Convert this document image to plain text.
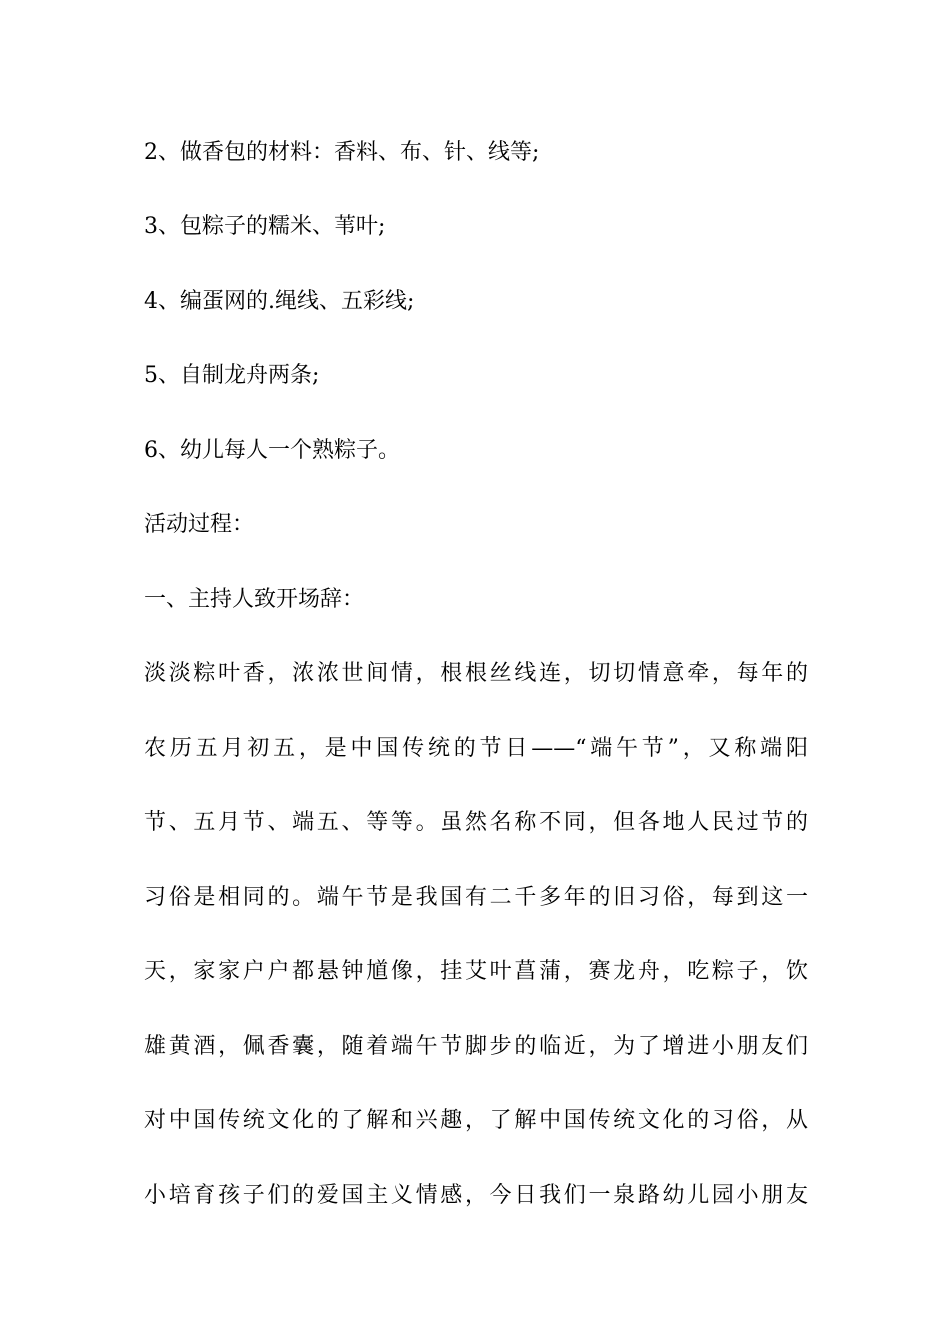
2、做香包的材料：香料、布、针、线等;
3、包粽子的糯米、苇叶;
4、编蛋网的.绳线、五彩线;
5、自制龙舟两条;
6、幼儿每人一个熟粽子。
活动过程：
一、主持人致开场辞：
淡淡粽叶香，浓浓世间情，根根丝线连，切切情意牵，每年的
农历五月初五，是中国传统的节日——“端午节”，又称端阳
节、五月节、端五、等等。虽然名称不同，但各地人民过节的
习俗是相同的。端午节是我国有二千多年的旧习俗，每到这一
天，家家户户都悬钟馗像，挂艾叶菖蒲，赛龙舟，吃粽子，饮
雄黄酒，佩香囊，随着端午节脚步的临近，为了增进小朋友们
对中国传统文化的了解和兴趣，了解中国传统文化的习俗，从
小培育孩子们的爱国主义情感，今日我们一泉路幼儿园小朋友
